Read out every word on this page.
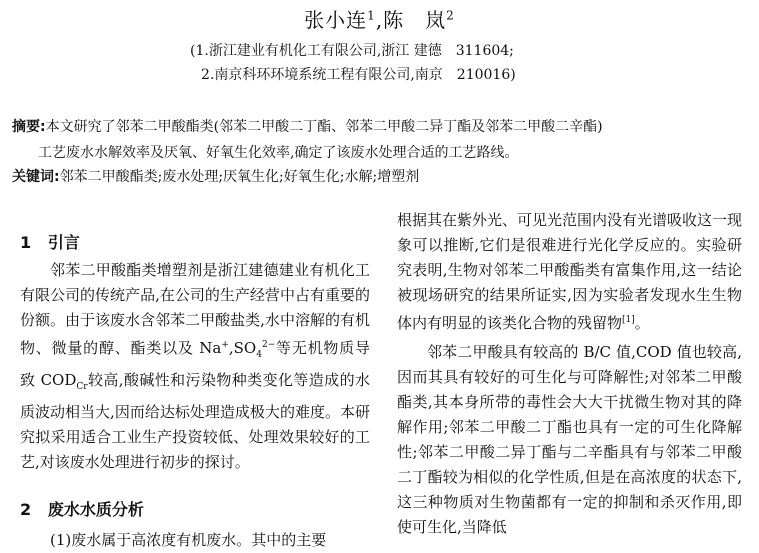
张小连$^1$,陈　岚$^2$
(1.浙江建业有机化工有限公司,浙江 建德　311604;
2.南京科环环境系统工程有限公司,南京　210016)
摘要:本文研究了邻苯二甲酸酯类(邻苯二甲酸二丁酯、邻苯二甲酸二异丁酯及邻苯二甲酸二辛酯)
工艺废水水解效率及厌氧、好氧生化效率,确定了该废水处理合适的工艺路线。
关键词:邻苯二甲酸酯类;废水处理;厌氧生化;好氧生化;水解;增塑剂
1 引言

邻苯二甲酸酯类增塑剂是浙江建德建业有机化工有限公司的传统产品,在公司的生产经营中占有重要的份额。由于该废水含邻苯二甲酸盐类,水中溶解的有机物、微量的醇、酯类以及 $Na^+,SO_4^{2-}$等无机物质导致 $COD_{Cr}$较高,酸碱性和污染物种类变化等造成的水质波动相当大,因而给达标处理造成极大的难度。本研究拟采用适合工业生产投资较低、处理效果较好的工艺,对该废水处理进行初步的探讨。

2 废水水质分析

(1)废水属于高浓度有机废水。其中的主要

根据其在紫外光、可见光范围内没有光谱吸收这一现象可以推断,它们是很难进行光化学反应的。实验研究表明,生物对邻苯二甲酸酯类有富集作用,这一结论被现场研究的结果所证实,因为实验者发现水生生物体内有明显的该类化合物的残留物[1]。

邻苯二甲酸具有较高的 B/C 值,COD 值也较高,因而其具有较好的可生化与可降解性;对邻苯二甲酸酯类,其本身所带的毒性会大大干扰微生物对其的降解作用;邻苯二甲酸二丁酯也具有一定的可生化降解性;邻苯二甲酸二异丁酯与二辛酯具有与邻苯二甲酸二丁酯较为相似的化学性质,但是在高浓度的状态下,这三种物质对生物菌都有一定的抑制和杀灭作用,即使可生化,当降低
